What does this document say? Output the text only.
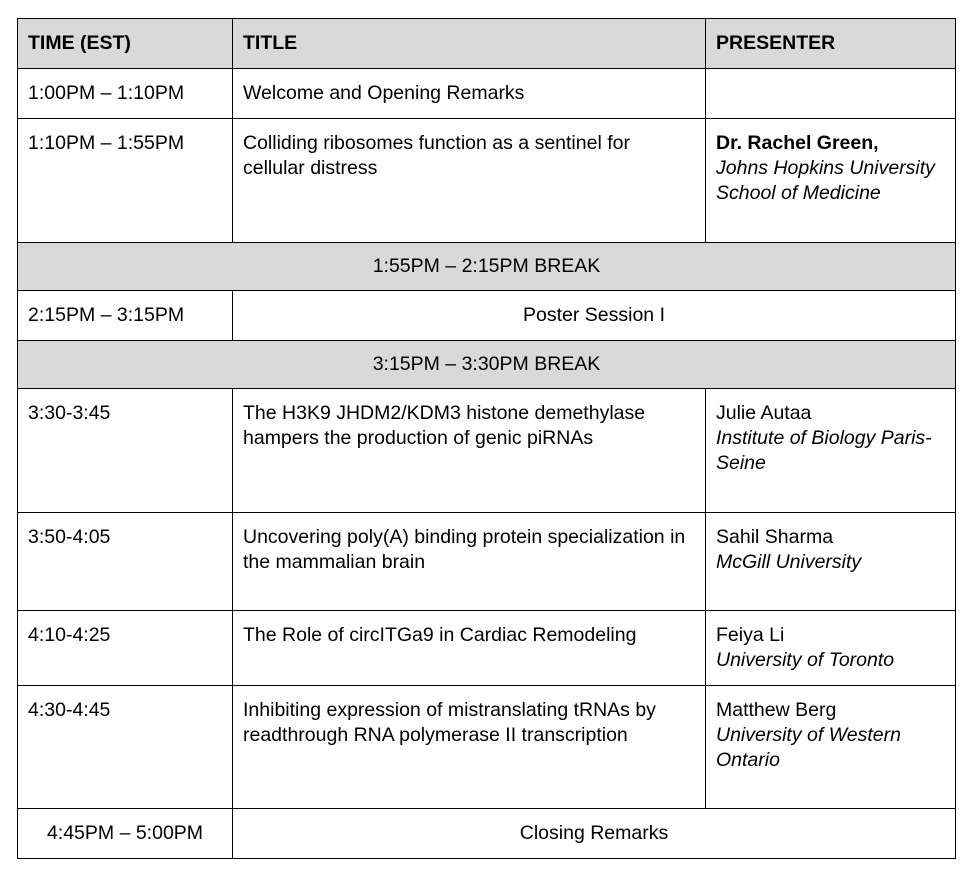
TIME (EST)	TITLE	PRESENTER
1:00PM – 1:10PM	Welcome and Opening Remarks	
1:10PM – 1:55PM	Colliding ribosomes function as a sentinel for cellular distress	Dr. Rachel Green,
Johns Hopkins University School of Medicine

1:55PM – 2:15PM BREAK		
2:15PM – 3:15PM	Poster Session I	
3:15PM – 3:30PM BREAK		
3:30-3:45	The H3K9 JHDM2/KDM3 histone demethylase hampers the production of genic piRNAs	Julie Autaa
Institute of Biology Paris-Seine

3:50-4:05	Uncovering poly(A) binding protein specialization in the mammalian brain	Sahil Sharma
McGill University

4:10-4:25	The Role of circITGa9 in Cardiac Remodeling	Feiya Li
University of Toronto

4:30-4:45	Inhibiting expression of mistranslating tRNAs by readthrough RNA polymerase II transcription	Matthew Berg
University of Western Ontario

4:45PM – 5:00PM	Closing Remarks	
